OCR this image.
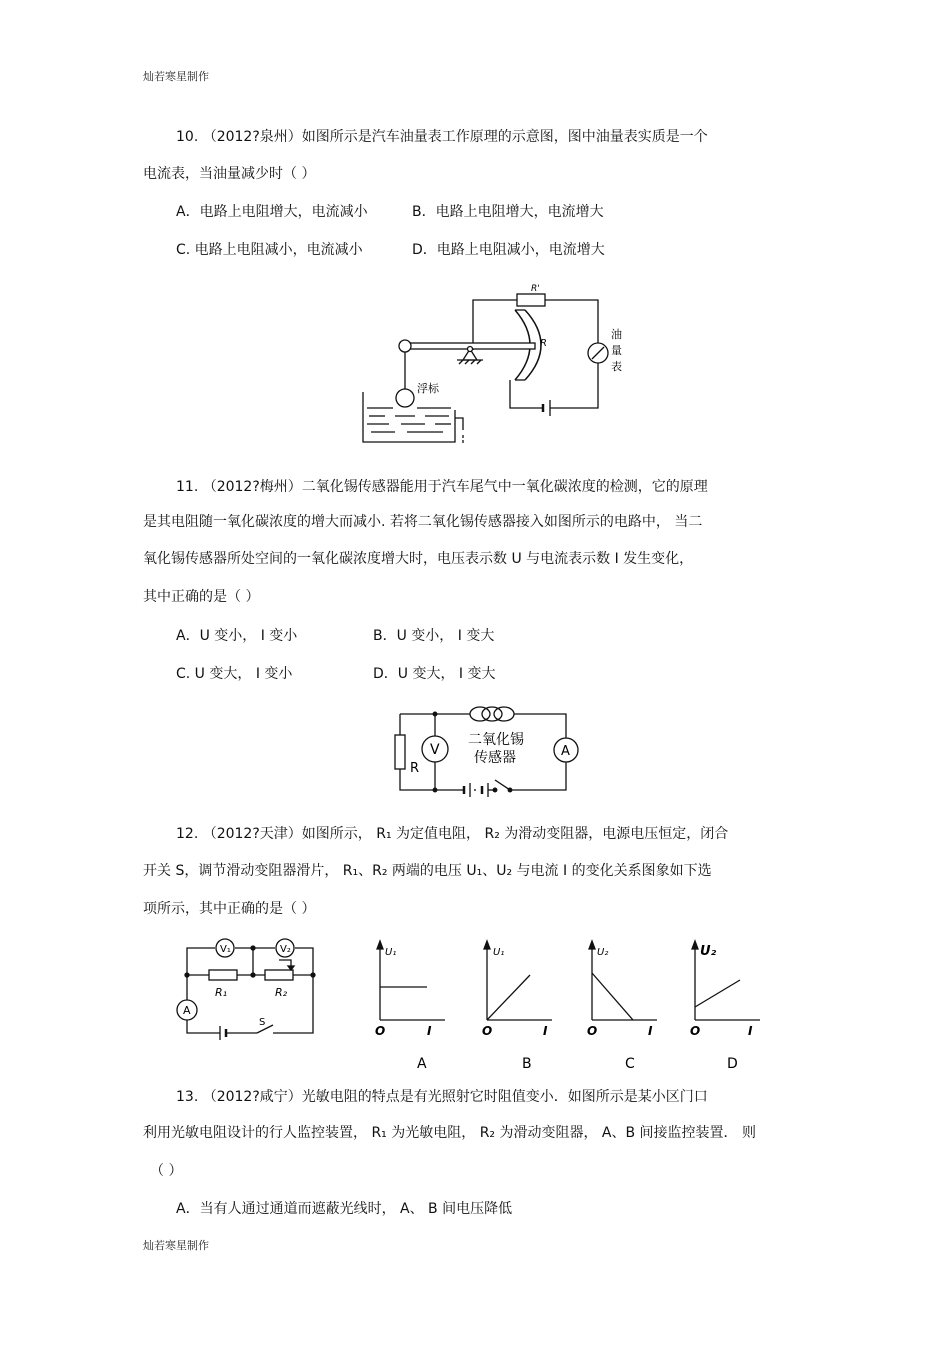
灿若寒星制作
10. （2012?泉州）如图所示是汽车油量表工作原理的示意图，图中油量表实质是一个
电流表，当油量减少时（ ）
A．电路上电阻增大，电流减小	B．电路上电阻增大，电流增大
C. 电路上电阻减小，电流减小	D．电路上电阻减小，电流增大
R'
R
浮标
油
量
表
11. （2012?梅州）二氧化锡传感器能用于汽车尾气中一氧化碳浓度的检测，它的原理
是其电阻随一氧化碳浓度的增大而减小. 若将二氧化锡传感器接入如图所示的电路中， 当二
氧化锡传感器所处空间的一氧化碳浓度增大时，电压表示数 U 与电流表示数 I 发生变化，
其中正确的是（ ）
A．U 变小， I 变小	B．U 变小， I 变大
C. U 变大， I 变小	D．U 变大， I 变大
V	A
R
二氧化锡
传感器
12. （2012?天津）如图所示， R₁ 为定值电阻， R₂ 为滑动变阻器，电源电压恒定，闭合
开关 S，调节滑动变阻器滑片， R₁、R₂ 两端的电压 U₁、U₂ 与电流 I 的变化关系图象如下选
项所示，其中正确的是（ ）
V₁	V₂
R₁	R₂
A
S
U₁	U₁	U₂	U₂
O	O	O	O
I	I	I	I
A	B	C	D
13. （2012?咸宁）光敏电阻的特点是有光照射它时阻值变小．如图所示是某小区门口
利用光敏电阻设计的行人监控装置， R₁ 为光敏电阻， R₂ 为滑动变阻器， A、B 间接监控装置． 则
（ ）
A．当有人通过通道而遮蔽光线时， A、 B 间电压降低
灿若寒星制作
